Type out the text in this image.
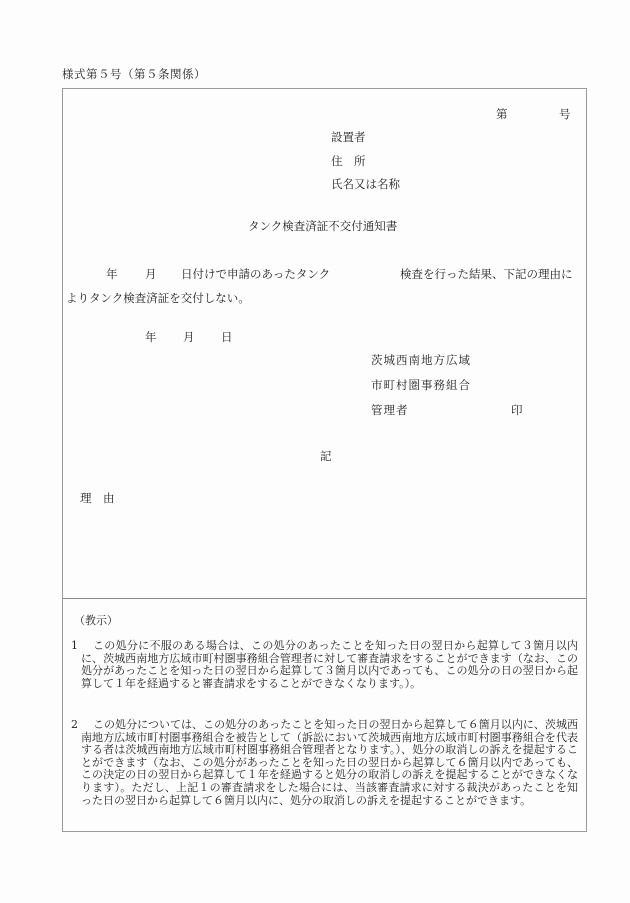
様式第５号（第５条関係）
第	号
設置者
住　所
氏名又は名称
タンク検査済証不交付通知書
年 月 日付けで申請のあったタンク	検査を行った結果、下記の理由に
よりタンク検査済証を交付しない。
年 月 日
茨城西南地方広域
市町村圏事務組合
管理者	印
記
理　由
（教示）
1	この処分に不服のある場合は、この処分のあったことを知った日の翌日から起算して３箇月以内に、茨城西南地方広域市町村圏事務組合管理者に対して審査請求をすることができます（なお、この処分があったことを知った日の翌日から起算して３箇月以内であっても、この処分の日の翌日から起算して１年を経過すると審査請求をすることができなくなります。）。
2	この処分については、この処分のあったことを知った日の翌日から起算して６箇月以内に、茨城西南地方広域市町村圏事務組合を被告として（訴訟において茨城西南地方広域市町村圏事務組合を代表する者は茨城西南地方広域市町村圏事務組合管理者となります。）、処分の取消しの訴えを提起することができます（なお、この処分があったことを知った日の翌日から起算して６箇月以内であっても、この決定の日の翌日から起算して１年を経過すると処分の取消しの訴えを提起することができなくなります）。ただし、上記１の審査請求をした場合には、当該審査請求に対する裁決があったことを知った日の翌日から起算して６箇月以内に、処分の取消しの訴えを提起することができます。
